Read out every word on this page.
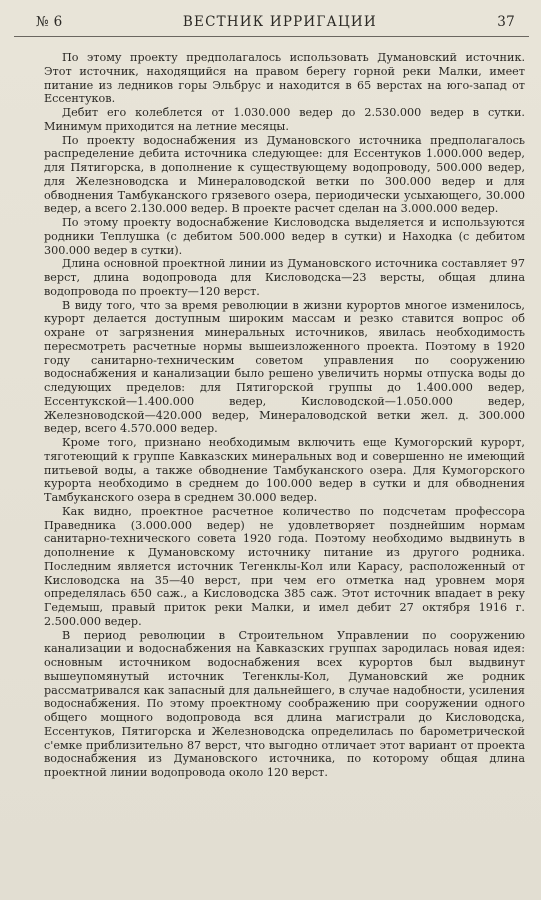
№ 6	ВЕСТНИК ИРРИГАЦИИ	37

По этому проекту предполагалось использовать Думановский источник. Этот источник, находящийся на правом берегу горной реки Малки, имеет питание из ледников горы Эльбрус и находится в 65 верстах на юго-запад от Ессентуков.

Дебит его колеблется от 1.030.000 ведер до 2.530.000 ведер в сутки. Минимум приходится на летние месяцы.

По проекту водоснабжения из Думановского источника предполагалось распределение дебита источника следующее: для Ессентуков 1.000.000 ведер, для Пятигорска, в дополнение к существующему водопроводу, 500.000 ведер, для Железноводска и Минераловодской ветки по 300.000 ведер и для обводнения Тамбуканского грязевого озера, периодически усыхающего, 30.000 ведер, а всего 2.130.000 ведер. В проекте расчет сделан на 3.000.000 ведер.

По этому проекту водоснабжение Кисловодска выделяется и используются родники Теплушка (с дебитом 500.000 ведер в сутки) и Находка (с дебитом 300.000 ведер в сутки).

Длина основной проектной линии из Думановского источника составляет 97 верст, длина водопровода для Кисловодска—23 версты, общая длина водопровода по проекту—120 верст.

В виду того, что за время революции в жизни курортов многое изменилось, курорт делается доступным широким массам и резко ставится вопрос об охране от загрязнения минеральных источников, явилась необходимость пересмотреть расчетные нормы вышеизложенного проекта. Поэтому в 1920 году санитарно-техническим советом управления по сооружению водоснабжения и канализации было решено увеличить нормы отпуска воды до следующих пределов: для Пятигорской группы до 1.400.000 ведер, Ессентукской—1.400.000 ведер, Кисловодской—1.050.000 ведер, Железноводской—420.000 ведер, Минераловодской ветки жел. д. 300.000 ведер, всего 4.570.000 ведер.

Кроме того, признано необходимым включить еще Кумогорский курорт, тяготеющий к группе Кавказских минеральных вод и совершенно не имеющий питьевой воды, а также обводнение Тамбуканского озера. Для Кумогорского курорта необходимо в среднем до 100.000 ведер в сутки и для обводнения Тамбуканского озера в среднем 30.000 ведер.

Как видно, проектное расчетное количество по подсчетам профессора Праведника (3.000.000 ведер) не удовлетворяет позднейшим нормам санитарно-технического совета 1920 года. Поэтому необходимо выдвинуть в дополнение к Думановскому источнику питание из другого родника. Последним является источник Тегенклы-Кол или Карасу, расположенный от Кисловодска на 35—40 верст, при чем его отметка над уровнем моря определялась 650 саж., а Кисловодска 385 саж. Этот источник впадает в реку Гедемыш, правый приток реки Малки, и имел дебит 27 октября 1916 г. 2.500.000 ведер.

В период революции в Строительном Управлении по сооружению канализации и водоснабжения на Кавказских группах зародилась новая идея: основным источником водоснабжения всех курортов был выдвинут вышеупомянутый источник Тегенклы-Кол, Думановский же родник рассматривался как запасный для дальнейшего, в случае надобности, усиления водоснабжения. По этому проектному соображению при сооружении одного общего мощного водопровода вся длина магистрали до Кисловодска, Ессентуков, Пятигорска и Железноводска определилась по барометрической с'емке приблизительно 87 верст, что выгодно отличает этот вариант от проекта водоснабжения из Думановского источника, по которому общая длина проектной линии водопровода около 120 верст.
